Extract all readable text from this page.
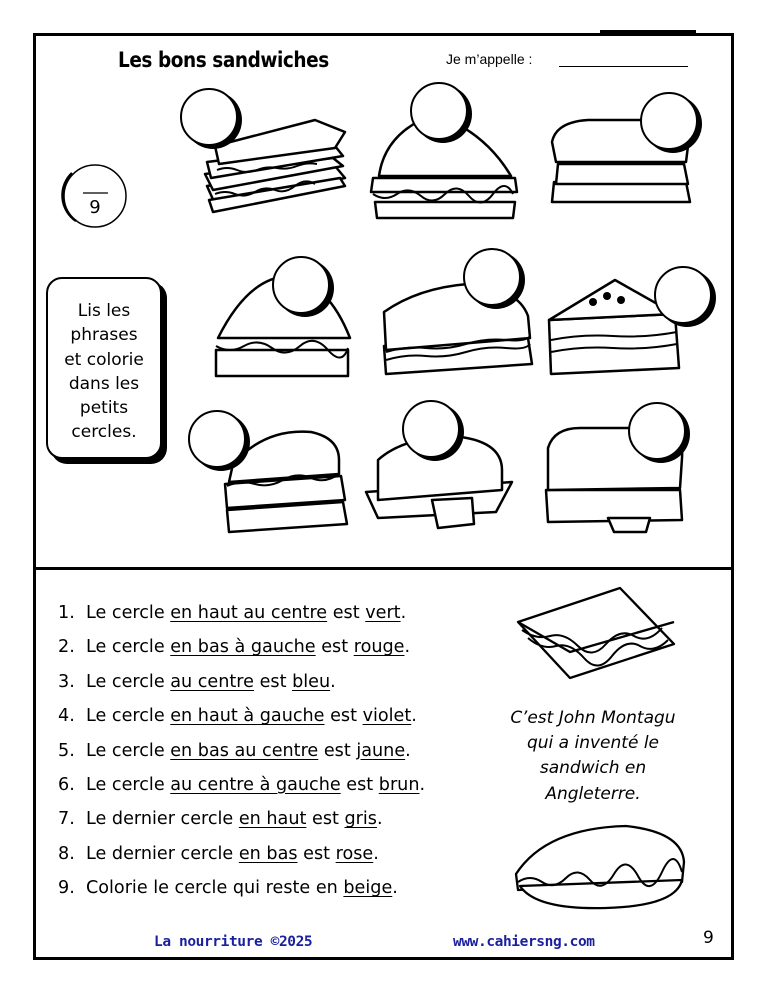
Les bons sandwiches	Je m’appelle :
9
Lis les
phrases
et colorie
dans les
petits
cercles.
1. Le cercle en haut au centre est vert.
2. Le cercle en bas à gauche est rouge.
3. Le cercle au centre est bleu.
4. Le cercle en haut à gauche est violet.
5. Le cercle en bas au centre est jaune.
6. Le cercle au centre à gauche est brun.
7. Le dernier cercle en haut est gris.
8. Le dernier cercle en bas est rose.
9. Colorie le cercle qui reste en beige.
C’est John Montagu
qui a inventé le
sandwich en
Angleterre.
La nourriture ©2025	www.cahiersng.com	9
